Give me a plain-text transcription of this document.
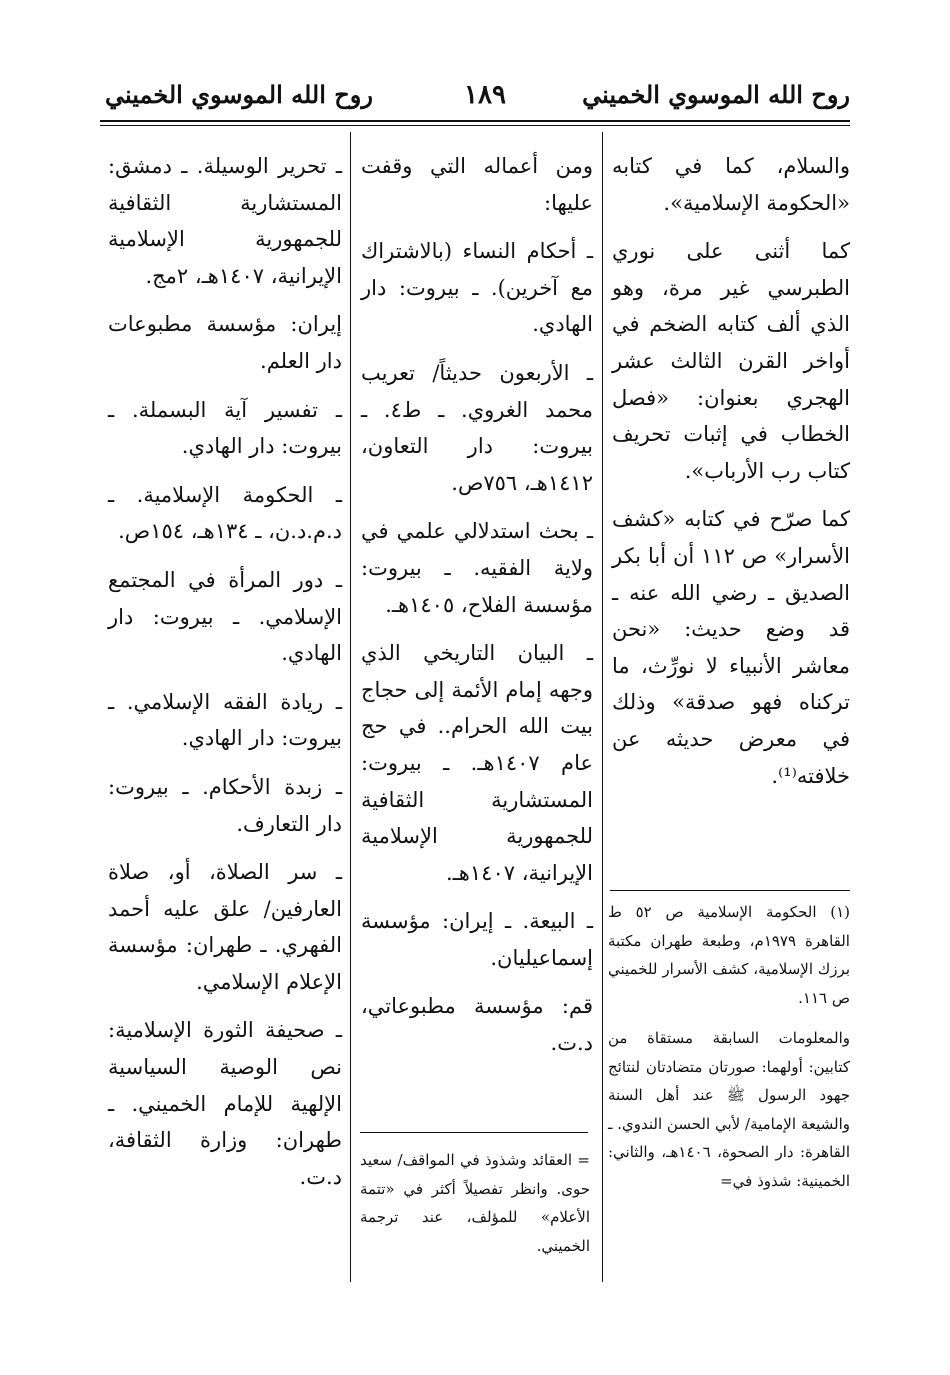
روح الله الموسوي الخميني
١٨٩
روح الله الموسوي الخميني

والسلام، كما في كتابه «الحكومة الإسلامية».

كما أثنى على نوري الطبرسي غير مرة، وهو الذي ألف كتابه الضخم في أواخر القرن الثالث عشر الهجري بعنوان: «فصل الخطاب في إثبات تحريف كتاب رب الأرباب».

كما صرّح في كتابه «كشف الأسرار» ص ١١٢ أن أبا بكر الصديق ـ رضي الله عنه ـ قد وضع حديث: «نحن معاشر الأنبياء لا نورِّث، ما تركناه فهو صدقة» وذلك في معرض حديثه عن خلافته⁽¹⁾.

(١) الحكومة الإسلامية ص ٥٢ ط القاهرة ١٩٧٩م، وطبعة طهران مكتبة برزك الإسلامية، كشف الأسرار للخميني ص ١١٦.

والمعلومات السابقة مستقاة من كتابين: أولهما: صورتان متضادتان لنتائج جهود الرسول ﷺ عند أهل السنة والشيعة الإمامية/ لأبي الحسن الندوي. ـ القاهرة: دار الصحوة، ١٤٠٦هـ، والثاني: الخمينية: شذوذ في=

ومن أعماله التي وقفت عليها:

ـ أحكام النساء (بالاشتراك مع آخرين). ـ بيروت: دار الهادي.

ـ الأربعون حديثاً/ تعريب محمد الغروي. ـ ط٤. ـ بيروت: دار التعاون، ١٤١٢هـ، ٧٥٦ص.

ـ بحث استدلالي علمي في ولاية الفقيه. ـ بيروت: مؤسسة الفلاح، ١٤٠٥هـ.

ـ البيان التاريخي الذي وجهه إمام الأئمة إلى حجاج بيت الله الحرام.. في حج عام ١٤٠٧هـ. ـ بيروت: المستشارية الثقافية للجمهورية الإسلامية الإيرانية، ١٤٠٧هـ.

ـ البيعة. ـ إيران: مؤسسة إسماعيليان.

قم: مؤسسة مطبوعاتي، د.ت.

= العقائد وشذوذ في المواقف/ سعيد حوى. وانظر تفصيلاً أكثر في «تتمة الأعلام» للمؤلف، عند ترجمة الخميني.

ـ تحرير الوسيلة. ـ دمشق: المستشارية الثقافية للجمهورية الإسلامية الإيرانية، ١٤٠٧هـ، ٢مج.

إيران: مؤسسة مطبوعات دار العلم.

ـ تفسير آية البسملة. ـ بيروت: دار الهادي.

ـ الحكومة الإسلامية. ـ د.م.د.ن، ـ ١٣٤هـ، ١٥٤ص.

ـ دور المرأة في المجتمع الإسلامي. ـ بيروت: دار الهادي.

ـ ريادة الفقه الإسلامي. ـ بيروت: دار الهادي.

ـ زبدة الأحكام. ـ بيروت: دار التعارف.

ـ سر الصلاة، أو، صلاة العارفين/ علق عليه أحمد الفهري. ـ طهران: مؤسسة الإعلام الإسلامي.

ـ صحيفة الثورة الإسلامية: نص الوصية السياسية الإلهية للإمام الخميني. ـ طهران: وزارة الثقافة، د.ت.
